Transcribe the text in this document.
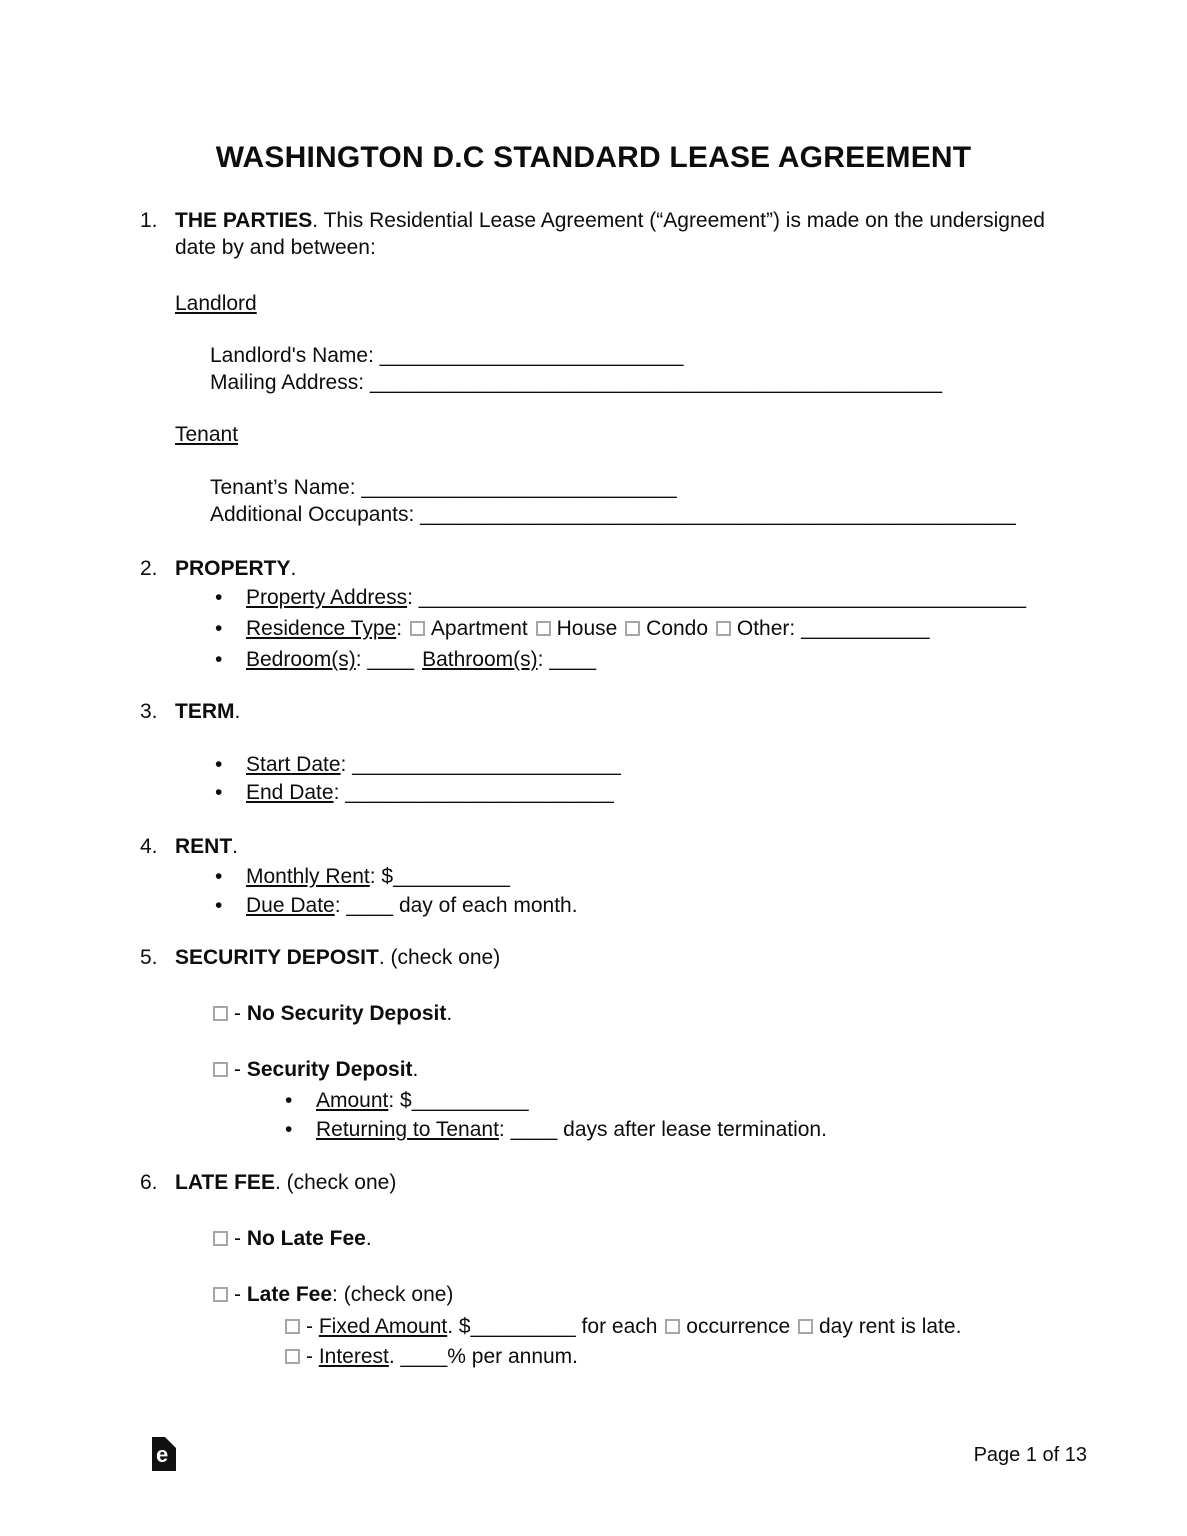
WASHINGTON D.C STANDARD LEASE AGREEMENT
1. THE PARTIES. This Residential Lease Agreement (“Agreement”) is made on the undersigned date by and between:
Landlord
Landlord's Name: __________________________
Mailing Address: _________________________________________________
Tenant
Tenant’s Name: ___________________________
Additional Occupants: ___________________________________________________
2. PROPERTY.
• Property Address: ____________________________________________________
• Residence Type: Apartment House Condo Other: ___________
• Bedroom(s): ____ Bathroom(s): ____
3. TERM.
• Start Date: _______________________
• End Date: _______________________
4. RENT.
• Monthly Rent: $__________
• Due Date: ____ day of each month.
5. SECURITY DEPOSIT. (check one)
- No Security Deposit.
- Security Deposit.
• Amount: $__________
• Returning to Tenant: ____ days after lease termination.
6. LATE FEE. (check one)
- No Late Fee.
- Late Fee: (check one)
- Fixed Amount. $_________ for each occurrence day rent is late.
- Interest. ____% per annum.
e	Page 1 of 13
